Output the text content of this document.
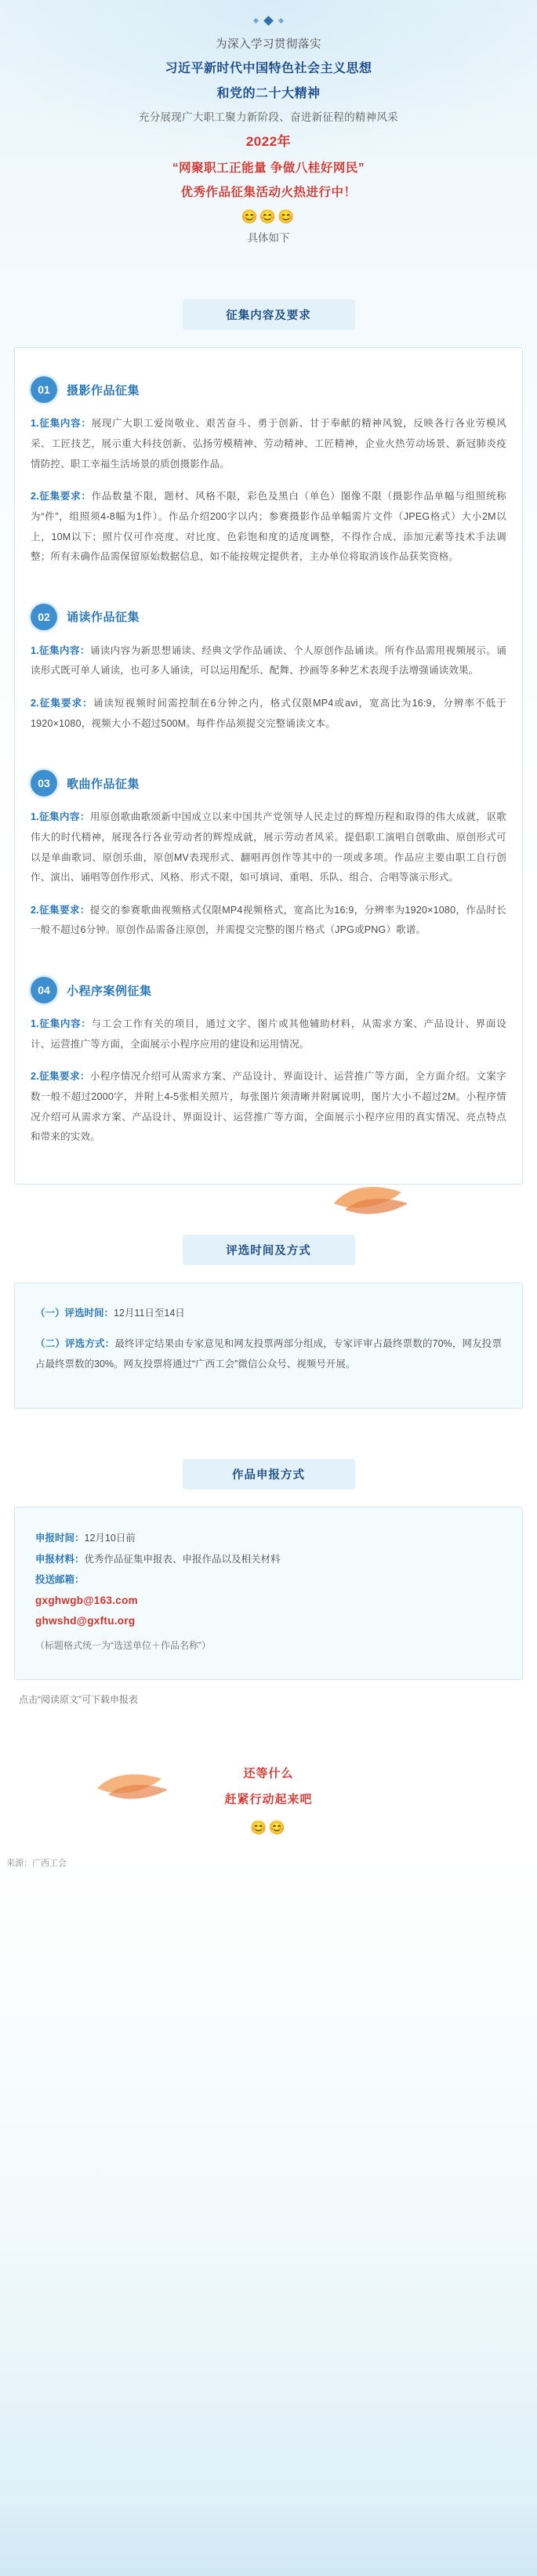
为深入学习贯彻落实
习近平新时代中国特色社会主义思想
和党的二十大精神
充分展现广大职工聚力新阶段、奋进新征程的精神风采
2022年
“网聚职工正能量 争做八桂好网民”
优秀作品征集活动火热进行中！
😊😊😊
具体如下
征集内容及要求
01	摄影作品征集

1.征集内容：展现广大职工爱岗敬业、艰苦奋斗、勇于创新、甘于奉献的精神风貌，反映各行各业劳模风采、工匠技艺，展示重大科技创新、弘扬劳模精神、劳动精神、工匠精神，企业火热劳动场景、新冠肺炎疫情防控、职工幸福生活场景的质创摄影作品。

2.征集要求：作品数量不限，题材、风格不限，彩色及黑白（单色）图像不限（摄影作品单幅与组照统称为“件”，组照须4-8幅为1件）。作品介绍200字以内；参赛摄影作品单幅需片文件（JPEG格式）大小2M以上，10M以下；照片仅可作亮度、对比度、色彩饱和度的适度调整，不得作合成、添加元素等技术手法调整；所有未确作品需保留原始数据信息，如不能按规定提供者，主办单位将取消该作品获奖资格。

02	诵读作品征集

1.征集内容：诵读内容为新思想诵读、经典文学作品诵读、个人原创作品诵读。所有作品需用视频展示。诵读形式既可单人诵读，也可多人诵读，可以运用配乐、配舞、抄画等多种艺术表现手法增强诵读效果。

2.征集要求：诵读短视频时间需控制在6分钟之内，格式仅限MP4或avi，宽高比为16:9，分辨率不低于1920×1080，视频大小不超过500M。每件作品须提交完整诵读文本。

03	歌曲作品征集

1.征集内容：用原创歌曲歌颂新中国成立以来中国共产党领导人民走过的辉煌历程和取得的伟大成就，讴歌伟大的时代精神，展现各行各业劳动者的辉煌成就，展示劳动者风采。提倡职工演唱自创歌曲、原创形式可以是单曲歌词、原创乐曲，原创MV表现形式、翻唱再创作等其中的一项或多项。作品应主要由职工自行创作、演出、诵唱等创作形式、风格、形式不限，如可填词、重唱、乐队、组合、合唱等演示形式。

2.征集要求：提交的参赛歌曲视频格式仅限MP4视频格式，宽高比为16:9，分辨率为1920×1080，作品时长一般不超过6分钟。原创作品需备注原创，并需提交完整的图片格式（JPG或PNG）歌谱。

04	小程序案例征集

1.征集内容：与工会工作有关的项目，通过文字、图片或其他辅助材料，从需求方案、产品设计、界面设计、运营推广等方面，全面展示小程序应用的建设和运用情况。

2.征集要求：小程序情况介绍可从需求方案、产品设计、界面设计、运营推广等方面，全方面介绍。文案字数一般不超过2000字，并附上4-5张相关照片，每张图片须清晰并附属说明，图片大小不超过2M。小程序情况介绍可从需求方案、产品设计、界面设计、运营推广等方面，全面展示小程序应用的真实情况、亮点特点和带来的实效。

评选时间及方式

（一）评选时间：12月11日至14日

（二）评选方式：最终评定结果由专家意见和网友投票两部分组成，专家评审占最终票数的70%，网友投票占最终票数的30%。网友投票将通过“广西工会”微信公众号、视频号开展。

作品申报方式
申报时间：12月10日前
申报材料：优秀作品征集申报表、申报作品以及相关材料
投送邮箱：
gxghwgb@163.com
ghwshd@gxftu.org
（标题格式统一为“选送单位＋作品名称”）
点击“阅读原文”可下载申报表
还等什么
赶紧行动起来吧
😊😊
来源：广西工会
